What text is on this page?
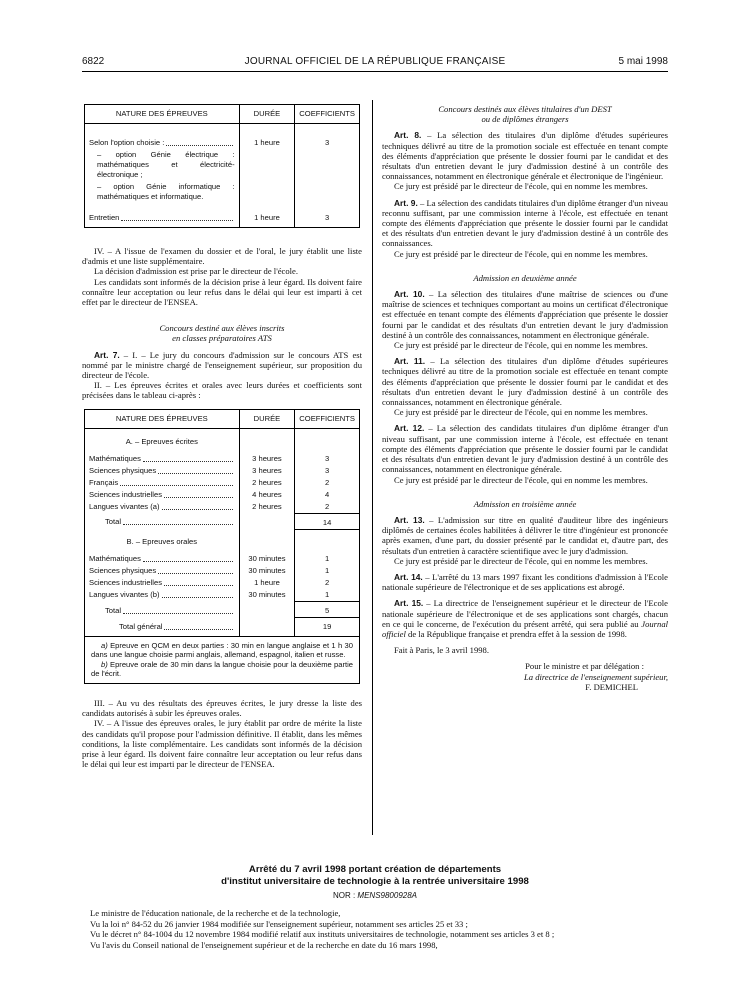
6822	JOURNAL OFFICIEL DE LA RÉPUBLIQUE FRANÇAISE	5 mai 1998
NATURE DES ÉPREUVES	DURÉE	COEFFICIENTS

Selon l'option choisie :	1 heure	3
– option Génie électrique : mathématiques et électricité-électronique ;		
– option Génie informatique : mathématiques et informatique.		

Entretien	1 heure	3

IV. – A l'issue de l'examen du dossier et de l'oral, le jury établit une liste d'admis et une liste supplémentaire.

La décision d'admission est prise par le directeur de l'école.

Les candidats sont informés de la décision prise à leur égard. Ils doivent faire connaître leur acceptation ou leur refus dans le délai qui leur est imparti à cet effet par le directeur de l'ENSEA.

Concours destiné aux élèves inscrits

en classes préparatoires ATS

Art. 7. – I. – Le jury du concours d'admission sur le concours ATS est nommé par le ministre chargé de l'enseignement supérieur, sur proposition du directeur de l'école.

II. – Les épreuves écrites et orales avec leurs durées et coefficients sont précisées dans le tableau ci-après :

NATURE DES ÉPREUVES	DURÉE	COEFFICIENTS
A. – Epreuves écrites		

Mathématiques	3 heures	3

Sciences physiques	3 heures	3

Français	2 heures	2

Sciences industrielles	4 heures	4

Langues vivantes (a)	2 heures	2

Total		14
B. – Epreuves orales		

Mathématiques	30 minutes	1

Sciences physiques	30 minutes	1

Sciences industrielles	1 heure	2

Langues vivantes (b)	30 minutes	1

Total		5

Total général		19

a) Epreuve en QCM en deux parties : 30 min en langue anglaise et 1 h 30 dans une langue choisie parmi anglais, allemand, espagnol, italien et russe.

b) Epreuve orale de 30 min dans la langue choisie pour la deuxième partie de l'écrit.

III. – Au vu des résultats des épreuves écrites, le jury dresse la liste des candidats autorisés à subir les épreuves orales.

IV. – A l'issue des épreuves orales, le jury établit par ordre de mérite la liste des candidats qu'il propose pour l'admission définitive. Il établit, dans les mêmes conditions, la liste complémentaire. Les candidats sont informés de la décision prise à leur égard. Ils doivent faire connaître leur acceptation ou leur refus dans le délai qui leur est imparti par le directeur de l'ENSEA.

Concours destinés aux élèves titulaires d'un DEST

ou de diplômes étrangers

Art. 8. – La sélection des titulaires d'un diplôme d'études supérieures techniques délivré au titre de la promotion sociale est effectuée en tenant compte des éléments d'appréciation que présente le dossier fourni par le candidat et des résultats d'un entretien devant le jury d'admission destiné à un contrôle des connaissances, notamment en électronique générale et électronique de l'ingénieur.

Ce jury est présidé par le directeur de l'école, qui en nomme les membres.

Art. 9. – La sélection des candidats titulaires d'un diplôme étranger d'un niveau reconnu suffisant, par une commission interne à l'école, est effectuée en tenant compte des éléments d'appréciation que présente le dossier fourni par le candidat et des résultats d'un entretien devant le jury d'admission destiné à un contrôle des connaissances.

Ce jury est présidé par le directeur de l'école, qui en nomme les membres.

Admission en deuxième année

Art. 10. – La sélection des titulaires d'une maîtrise de sciences ou d'une maîtrise de sciences et techniques comportant au moins un certificat d'électronique est effectuée en tenant compte des éléments d'appréciation que présente le dossier fourni par le candidat et des résultats d'un entretien devant le jury d'admission destiné à un contrôle des connaissances, notamment en électronique générale.

Ce jury est présidé par le directeur de l'école, qui en nomme les membres.

Art. 11. – La sélection des titulaires d'un diplôme d'études supérieures techniques délivré au titre de la promotion sociale est effectuée en tenant compte des éléments d'appréciation que présente le dossier fourni par le candidat et des résultats d'un entretien devant le jury d'admission destiné à un contrôle des connaissances, notamment en électronique générale.

Ce jury est présidé par le directeur de l'école, qui en nomme les membres.

Art. 12. – La sélection des candidats titulaires d'un diplôme étranger d'un niveau suffisant, par une commission interne à l'école, est effectuée en tenant compte des éléments d'appréciation que présente le dossier fourni par le candidat et des résultats d'un entretien devant le jury d'admission destiné à un contrôle des connaissances, notamment en électronique générale.

Ce jury est présidé par le directeur de l'école, qui en nomme les membres.

Admission en troisième année

Art. 13. – L'admission sur titre en qualité d'auditeur libre des ingénieurs diplômés de certaines écoles habilitées à délivrer le titre d'ingénieur est prononcée après examen, d'une part, du dossier présenté par le candidat et, d'autre part, des résultats d'un entretien à caractère scientifique avec le jury d'admission.

Ce jury est présidé par le directeur de l'école, qui en nomme les membres.

Art. 14. – L'arrêté du 13 mars 1997 fixant les conditions d'admission à l'Ecole nationale supérieure de l'électronique et de ses applications est abrogé.

Art. 15. – La directrice de l'enseignement supérieur et le directeur de l'Ecole nationale supérieure de l'électronique et de ses applications sont chargés, chacun en ce qui le concerne, de l'exécution du présent arrêté, qui sera publié au Journal officiel de la République française et prendra effet à la session de 1998.

Fait à Paris, le 3 avril 1998.

Pour le ministre et par délégation :

La directrice de l'enseignement supérieur,

F. DEMICHEL

Arrêté du 7 avril 1998 portant création de départements
d'institut universitaire de technologie à la rentrée universitaire 1998
NOR : MENS9800928A

Le ministre de l'éducation nationale, de la recherche et de la technologie,

Vu la loi n° 84-52 du 26 janvier 1984 modifiée sur l'enseignement supérieur, notamment ses articles 25 et 33 ;

Vu le décret n° 84-1004 du 12 novembre 1984 modifié relatif aux instituts universitaires de technologie, notamment ses articles 3 et 8 ;

Vu l'avis du Conseil national de l'enseignement supérieur et de la recherche en date du 16 mars 1998,
